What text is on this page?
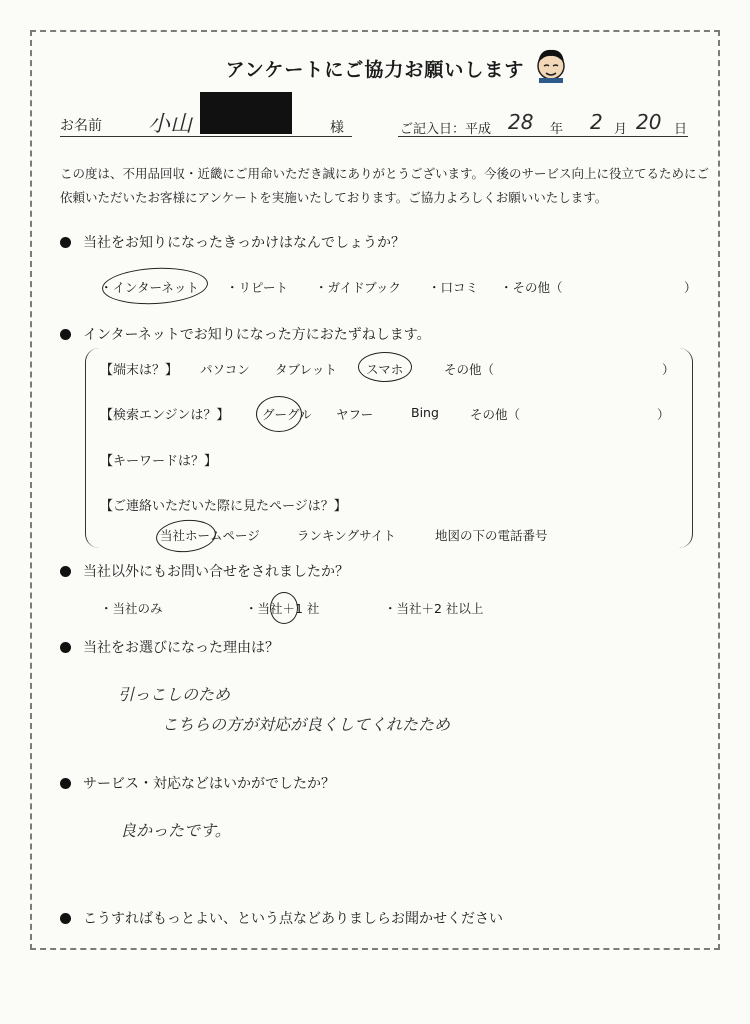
アンケートにご協力お願いします
お名前 小山	様	ご記入日：平成 28 年 2 月 20 日
この度は、不用品回収・近畿にご用命いただき誠にありがとうございます。今後のサービス向上に役立てるためにご依頼いただいたお客様にアンケートを実施いたしております。ご協力よろしくお願いいたします。
当社をお知りになったきっかけはなんでしょうか？
・インターネット ・リピート ・ガイドブック ・口コミ ・その他（	）
インターネットでお知りになった方におたずねします。
【端末は？】 パソコン タブレット スマホ	その他（	）
【検索エンジンは？】	グーグル ヤフー	Bing その他（	）
【キーワードは？】
【ご連絡いただいた際に見たページは？】
当社ホームページ	ランキングサイト	地図の下の電話番号
当社以外にもお問い合せをされましたか？
・当社のみ	・当社＋1 社	・当社＋2 社以上
当社をお選びになった理由は？
引っこしのため
こちらの方が対応が良くしてくれたため
サービス・対応などはいかがでしたか？
良かったです。
こうすればもっとよい、という点などありましらお聞かせください
